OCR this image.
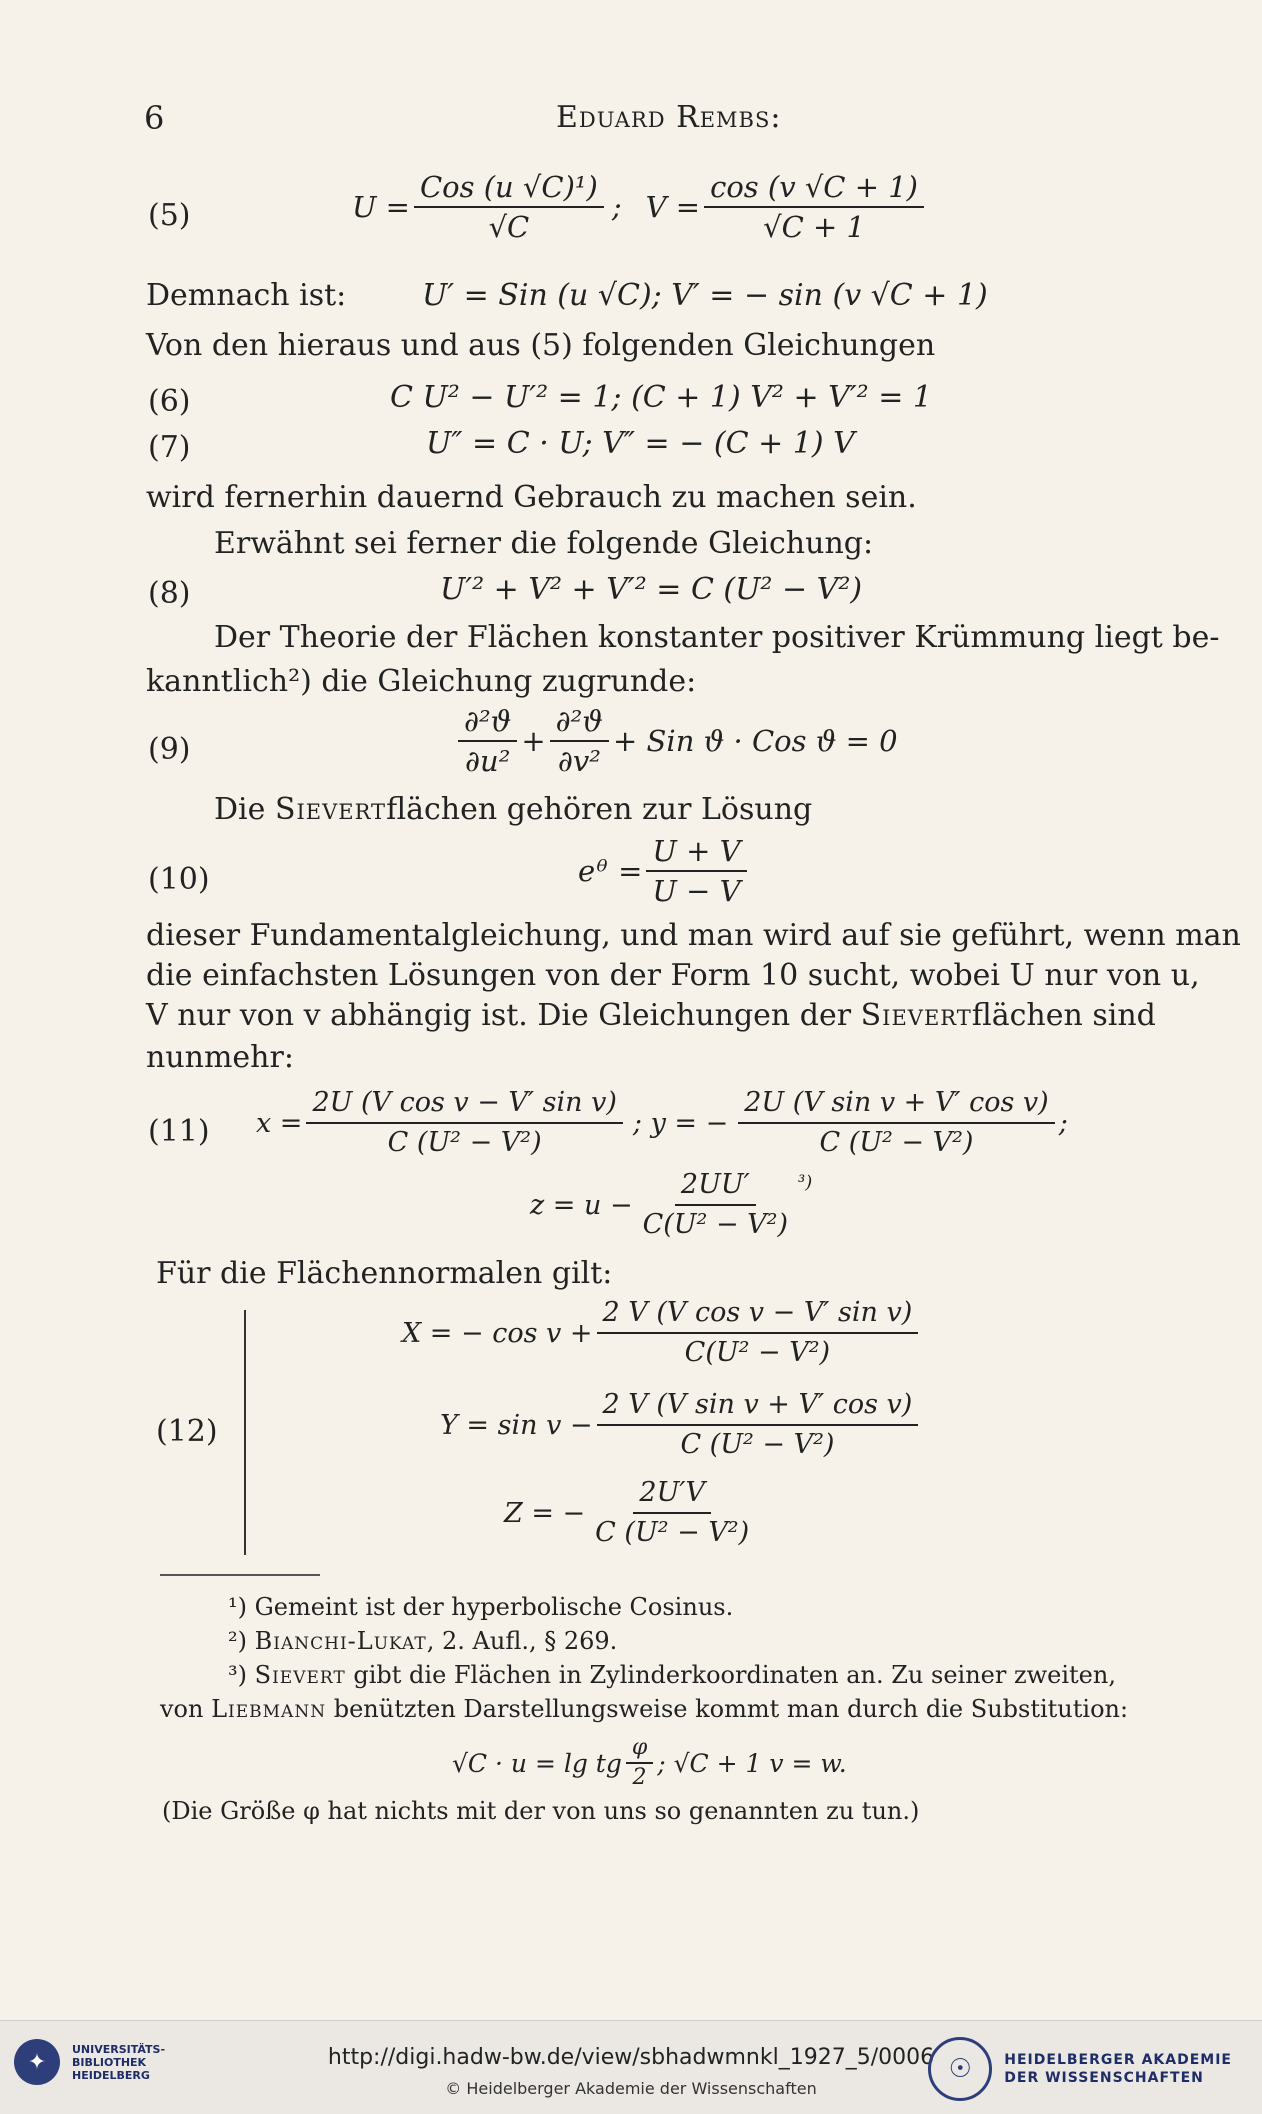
6	Eduard Rembs:
(5)	$U = \frac{\text{Cos (u √C)¹)}}{√C}$ ; $V = \frac{\cos (v √C + 1)}{√C + 1}$
Demnach ist:	U′ = Sin (u √C); V′ = − sin (v √C + 1)
Von den hieraus und aus (5) folgenden Gleichungen
(6)	C U² − U′² = 1; (C + 1) V² + V′² = 1
(7)	U″ = C · U; V″ = − (C + 1) V
wird fernerhin dauernd Gebrauch zu machen sein.
Erwähnt sei ferner die folgende Gleichung:
(8)	U′² + V² + V′² = C (U² − V²)
Der Theorie der Flächen konstanter positiver Krümmung liegt be-
kanntlich²) die Gleichung zugrunde:
(9)	$\frac{\text{∂²ϑ}}{\text{∂u²}} + \frac{\text{∂²ϑ}}{\text{∂v²}}$ + Sin ϑ · Cos ϑ = 0
Die Sievertflächen gehören zur Lösung
(10)	eᶿ = $\frac{U + V}{U - V}$
dieser Fundamentalgleichung, und man wird auf sie geführt, wenn man
die einfachsten Lösungen von der Form 10 sucht, wobei U nur von u,
V nur von v abhängig ist. Die Gleichungen der Sievertflächen sind
nunmehr:
(11) $x = \frac{\text{2U (V cos v − V′ sin v)}}{\text{C (U² − V²)}}$ ; y = − $\frac{\text{2U (V sin v + V′ cos v)}}{\text{C (U² − V²)}}$ ;
$z = u - \frac{2UU'}{\text{C(U² − V²)}} ^3$)
Für die Flächennormalen gilt:
(12)
X = − $\cos v + \frac{\text{2 V (V cos v − V′ sin v)}}{\text{C(U² − V²)}}$
$Y = \sin v - \frac{\text{2 V (V sin v + V′ cos v)}}{\text{C (U² − V²)}}$
Z = − $\frac{2U'V}{\text{C (U² − V²)}}$
¹) Gemeint ist der hyperbolische Cosinus.
²) Bianchi-Lukat, 2. Aufl., § 269.
³) Sievert gibt die Flächen in Zylinderkoordinaten an. Zu seiner zweiten,
von Liebmann benützten Darstellungsweise kommt man durch die Substitution:
√C · u = lg tg $\frac{\varphi}{2}$ ; √C + 1 v = w.
(Die Größe φ hat nichts mit der von uns so genannten zu tun.)
✦
UNIVERSITÄTS-
BIBLIOTHEK
HEIDELBERG
http://digi.hadw-bw.de/view/sbhadwmnkl_1927_5/0006
© Heidelberger Akademie der Wissenschaften
☉	HEIDELBERGER AKADEMIE
DER WISSENSCHAFTEN
